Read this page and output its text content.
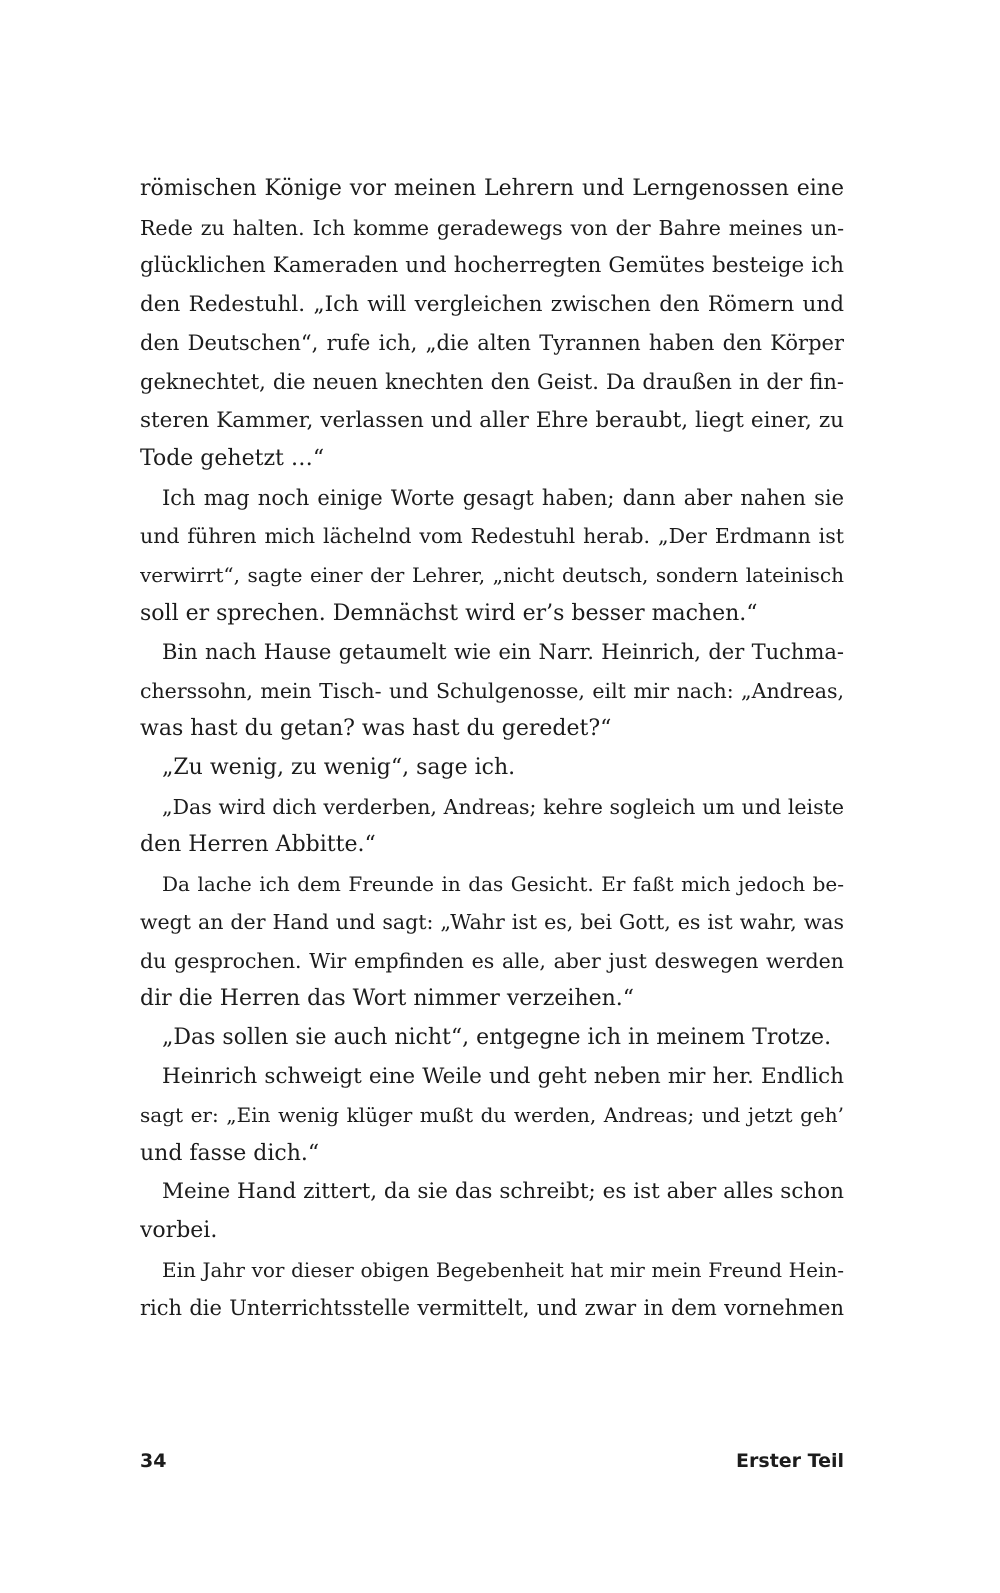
römischen Könige vor meinen Lehrern und Lerngenossen eine
Rede zu halten. Ich komme geradewegs von der Bahre meines un-
glücklichen Kameraden und hocherregten Gemütes besteige ich
den Redestuhl. „Ich will vergleichen zwischen den Römern und
den Deutschen“, rufe ich, „die alten Tyrannen haben den Körper
geknechtet, die neuen knechten den Geist. Da draußen in der fin-
steren Kammer, verlassen und aller Ehre beraubt, liegt einer, zu
Tode gehetzt …“
Ich mag noch einige Worte gesagt haben; dann aber nahen sie
und führen mich lächelnd vom Redestuhl herab. „Der Erdmann ist
verwirrt“, sagte einer der Lehrer, „nicht deutsch, sondern lateinisch
soll er sprechen. Demnächst wird er’s besser machen.“
Bin nach Hause getaumelt wie ein Narr. Heinrich, der Tuchma-
cherssohn, mein Tisch- und Schulgenosse, eilt mir nach: „Andreas,
was hast du getan? was hast du geredet?“
„Zu wenig, zu wenig“, sage ich.
„Das wird dich verderben, Andreas; kehre sogleich um und leiste
den Herren Abbitte.“
Da lache ich dem Freunde in das Gesicht. Er faßt mich jedoch be-
wegt an der Hand und sagt: „Wahr ist es, bei Gott, es ist wahr, was
du gesprochen. Wir empfinden es alle, aber just deswegen werden
dir die Herren das Wort nimmer verzeihen.“
„Das sollen sie auch nicht“, entgegne ich in meinem Trotze.
Heinrich schweigt eine Weile und geht neben mir her. Endlich
sagt er: „Ein wenig klüger mußt du werden, Andreas; und jetzt geh’
und fasse dich.“
Meine Hand zittert, da sie das schreibt; es ist aber alles schon
vorbei.
Ein Jahr vor dieser obigen Begebenheit hat mir mein Freund Hein-
rich die Unterrichtsstelle vermittelt, und zwar in dem vornehmen
34	Erster Teil
